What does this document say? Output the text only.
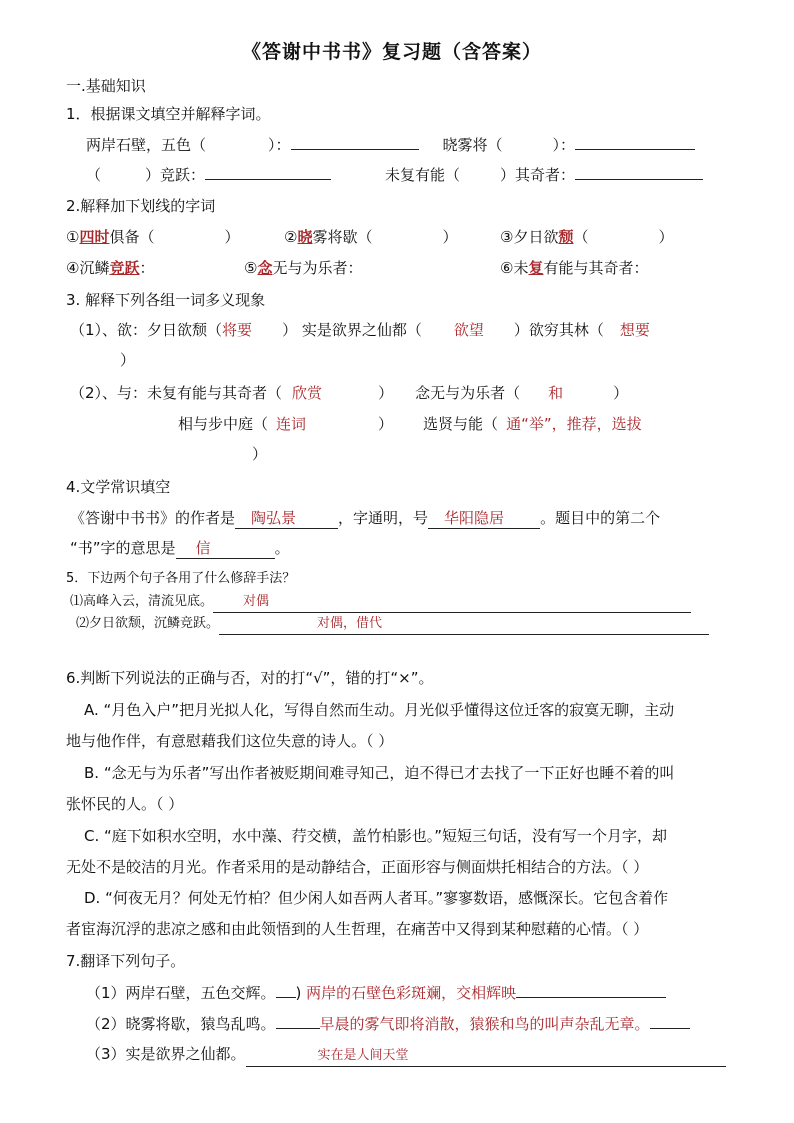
《答谢中书书》复习题（含答案）
一.基础知识
1．根据课文填空并解释字词。
两岸石壁，五色（	）：	晓雾将（	）：
（	）竞跃：	未复有能（	）其奇者：
2.解释加下划线的字词
①四时俱备（	）	②晓雾将歇（	）	③夕日欲颓（	）
④沉鳞竞跃：	⑤念无与为乐者：	⑥未复有能与其奇者：
3. 解释下列各组一词多义现象
（1）、欲：夕日欲颓（将要 ） 实是欲界之仙都（ 欲望 ）欲穷其林（ 想要
）
（2）、与：未复有能与其奇者（ 欣赏	） 念无与为乐者（ 和	）
相与步中庭（ 连词	） 选贤与能（ 通“举”，推荐，选拔
）
4.文学常识填空
《答谢中书书》的作者是 陶弘景	，字通明，号 华阳隐居 。题目中的第二个
“书”字的意思是 信	。
5．下边两个句子各用了什么修辞手法？
⑴高峰入云，清流见底。 对偶
⑵夕日欲颓，沉鳞竞跃。	对偶，借代
6.判断下列说法的正确与否，对的打“√”，错的打“×”。
A. “月色入户”把月光拟人化，写得自然而生动。月光似乎懂得这位迁客的寂寞无聊，主动
地与他作伴，有意慰藉我们这位失意的诗人。（ ）
B. “念无与为乐者”写出作者被贬期间难寻知己，迫不得已才去找了一下正好也睡不着的叫
张怀民的人。（ ）
C. “庭下如积水空明，水中藻、荇交横，盖竹柏影也。”短短三句话，没有写一个月字，却
无处不是皎洁的月光。作者采用的是动静结合，正面形容与侧面烘托相结合的方法。（ ）
D. “何夜无月？何处无竹柏？但少闲人如吾两人者耳。”寥寥数语，感慨深长。它包含着作
者宦海沉浮的悲凉之感和由此领悟到的人生哲理，在痛苦中又得到某种慰藉的心情。（ ）
7.翻译下列句子。
（1）两岸石壁，五色交辉。 ) 两岸的石壁色彩斑斓，交相辉映
（2）晓雾将歇，猿鸟乱鸣。	早晨的雾气即将消散，猿猴和鸟的叫声杂乱无章。
（3）实是欲界之仙都。	实在是人间天堂
